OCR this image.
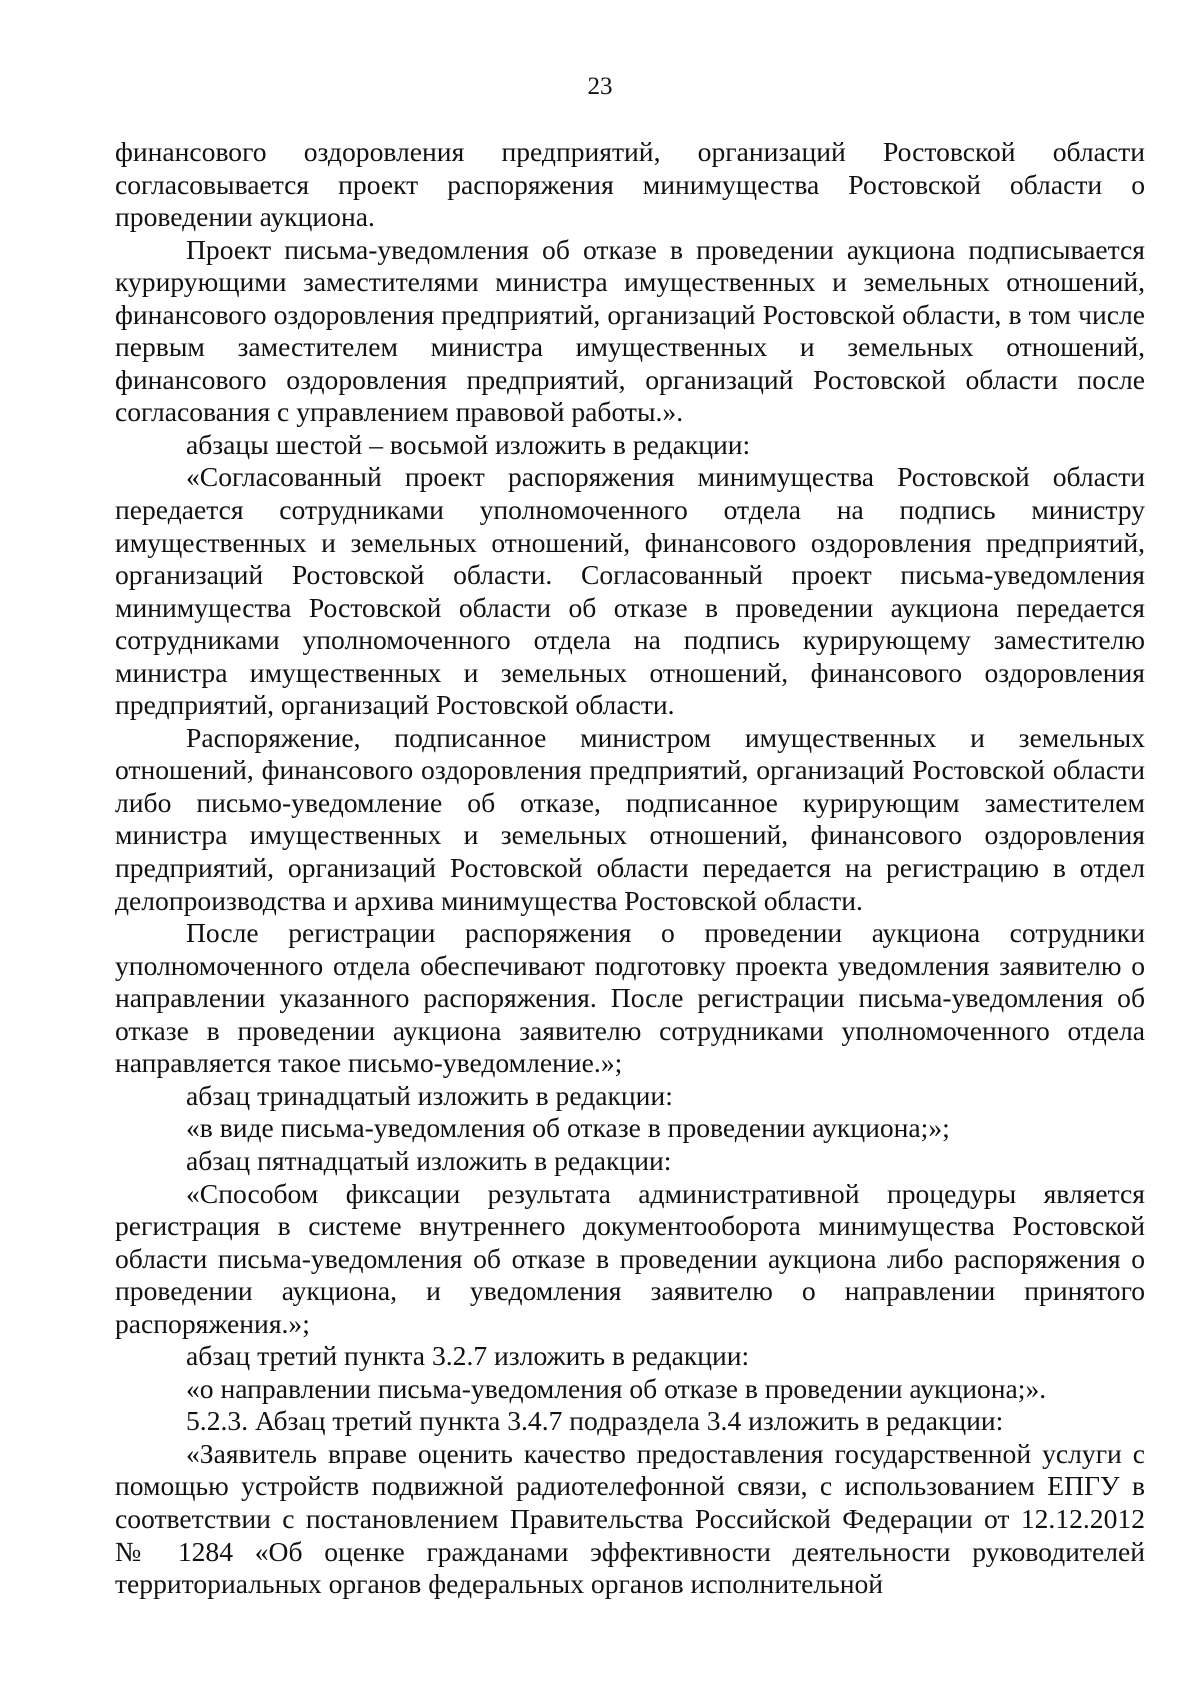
23

финансового оздоровления предприятий, организаций Ростовской области согласовывается проект распоряжения минимущества Ростовской области о проведении аукциона.

Проект письма-уведомления об отказе в проведении аукциона подписывается курирующими заместителями министра имущественных и земельных отношений, финансового оздоровления предприятий, организаций Ростовской области, в том числе первым заместителем министра имущественных и земельных отношений, финансового оздоровления предприятий, организаций Ростовской области после согласования с управлением правовой работы.».

абзацы шестой – восьмой изложить в редакции:

«Согласованный проект распоряжения минимущества Ростовской области передается сотрудниками уполномоченного отдела на подпись министру имущественных и земельных отношений, финансового оздоровления предприятий, организаций Ростовской области. Согласованный проект письма-уведомления минимущества Ростовской области об отказе в проведении аукциона передается сотрудниками уполномоченного отдела на подпись курирующему заместителю министра имущественных и земельных отношений, финансового оздоровления предприятий, организаций Ростовской области.

Распоряжение, подписанное министром имущественных и земельных отношений, финансового оздоровления предприятий, организаций Ростовской области либо письмо-уведомление об отказе, подписанное курирующим заместителем министра имущественных и земельных отношений, финансового оздоровления предприятий, организаций Ростовской области передается на регистрацию в отдел делопроизводства и архива минимущества Ростовской области.

После регистрации распоряжения о проведении аукциона сотрудники уполномоченного отдела обеспечивают подготовку проекта уведомления заявителю о направлении указанного распоряжения. После регистрации письма-уведомления об отказе в проведении аукциона заявителю сотрудниками уполномоченного отдела направляется такое письмо-уведомление.»;

абзац тринадцатый изложить в редакции:

«в виде письма-уведомления об отказе в проведении аукциона;»;

абзац пятнадцатый изложить в редакции:

«Способом фиксации результата административной процедуры является регистрация в системе внутреннего документооборота минимущества Ростовской области письма-уведомления об отказе в проведении аукциона либо распоряжения о проведении аукциона, и уведомления заявителю о направлении принятого распоряжения.»;

абзац третий пункта 3.2.7 изложить в редакции:

«о направлении письма-уведомления об отказе в проведении аукциона;».

5.2.3. Абзац третий пункта 3.4.7 подраздела 3.4 изложить в редакции:

«Заявитель вправе оценить качество предоставления государственной услуги с помощью устройств подвижной радиотелефонной связи, с использованием ЕПГУ в соответствии с постановлением Правительства Российской Федерации от 12.12.2012 № 1284 «Об оценке гражданами эффективности деятельности руководителей территориальных органов федеральных органов исполнительной
